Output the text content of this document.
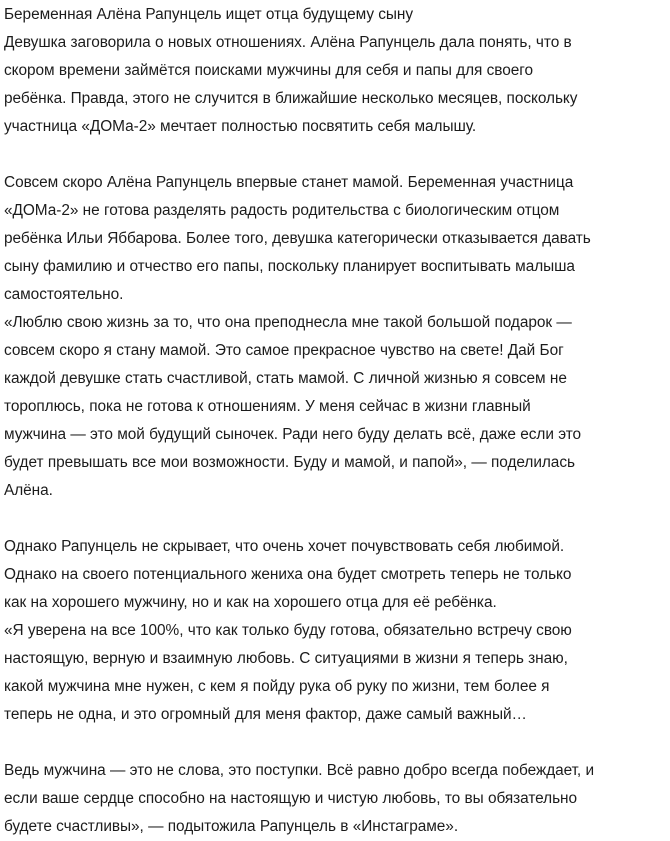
Беременная Алёна Рапунцель ищет отца будущему сыну

Девушка заговорила о новых отношениях. Алёна Рапунцель дала понять, что в

скором времени займётся поисками мужчины для себя и папы для своего

ребёнка. Правда, этого не случится в ближайшие несколько месяцев, поскольку

участница «ДОМа-2» мечтает полностью посвятить себя малышу.

Совсем скоро Алёна Рапунцель впервые станет мамой. Беременная участница

«ДОМа-2» не готова разделять радость родительства с биологическим отцом

ребёнка Ильи Яббарова. Более того, девушка категорически отказывается давать

сыну фамилию и отчество его папы, поскольку планирует воспитывать малыша

самостоятельно.

«Люблю свою жизнь за то, что она преподнесла мне такой большой подарок —

совсем скоро я стану мамой. Это самое прекрасное чувство на свете! Дай Бог

каждой девушке стать счастливой, стать мамой. С личной жизнью я совсем не

тороплюсь, пока не готова к отношениям. У меня сейчас в жизни главный

мужчина — это мой будущий сыночек. Ради него буду делать всё, даже если это

будет превышать все мои возможности. Буду и мамой, и папой», — поделилась

Алёна.

Однако Рапунцель не скрывает, что очень хочет почувствовать себя любимой.

Однако на своего потенциального жениха она будет смотреть теперь не только

как на хорошего мужчину, но и как на хорошего отца для её ребёнка.

«Я уверена на все 100%, что как только буду готова, обязательно встречу свою

настоящую, верную и взаимную любовь. С ситуациями в жизни я теперь знаю,

какой мужчина мне нужен, с кем я пойду рука об руку по жизни, тем более я

теперь не одна, и это огромный для меня фактор, даже самый важный…

Ведь мужчина — это не слова, это поступки. Всё равно добро всегда побеждает, и

если ваше сердце способно на настоящую и чистую любовь, то вы обязательно

будете счастливы», — подытожила Рапунцель в «Инстаграме».
